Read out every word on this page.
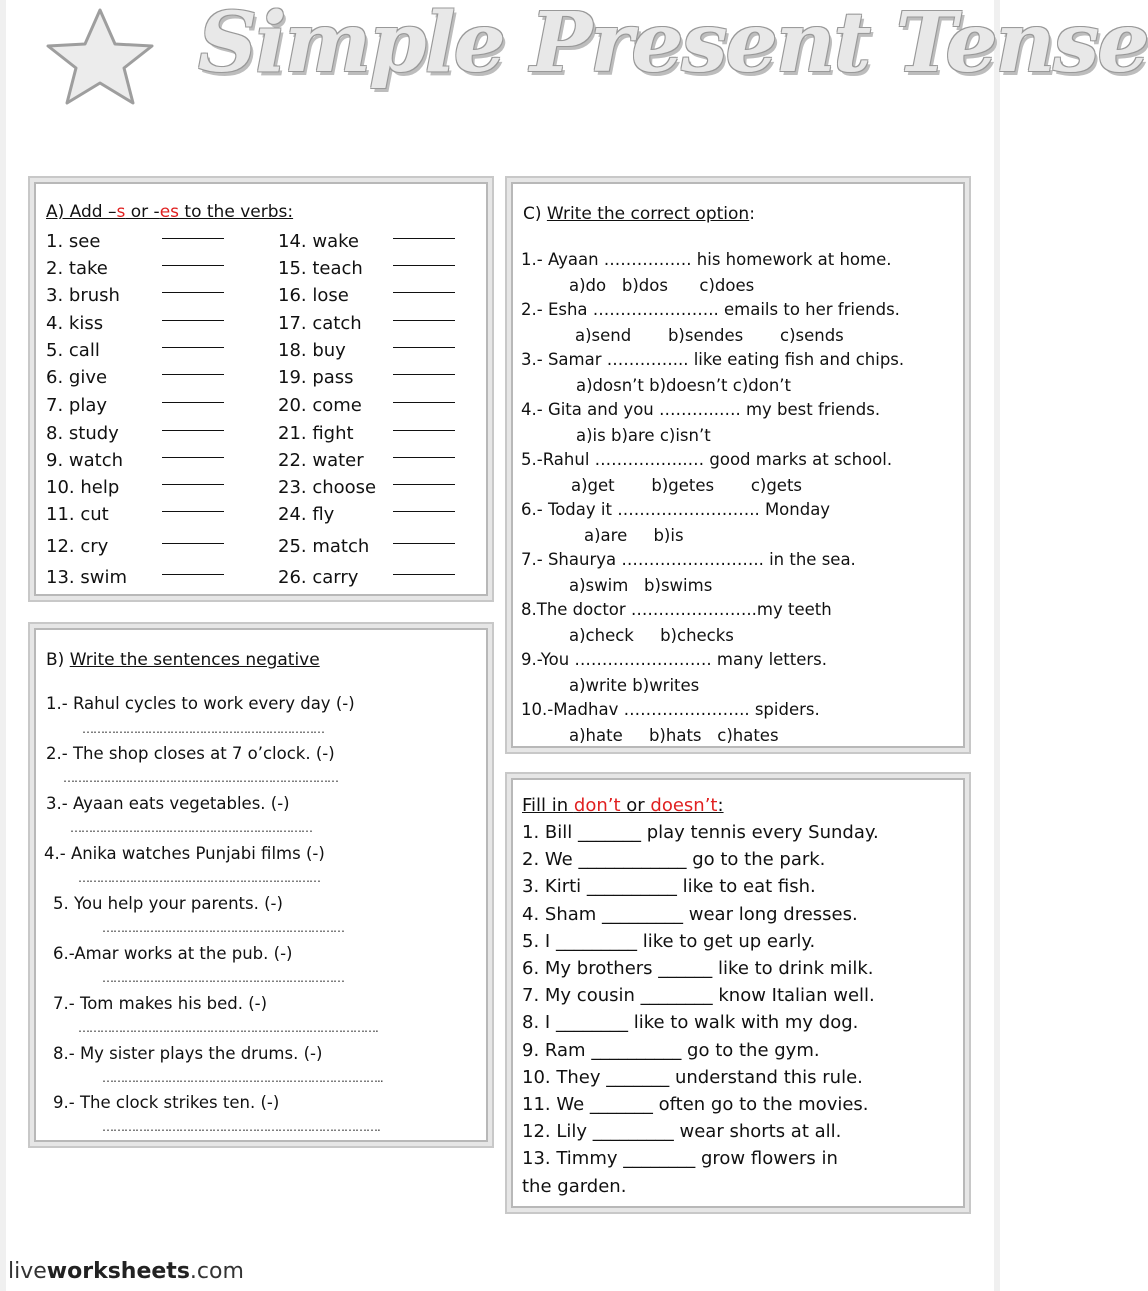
Simple Present Tense
A) Add –s or -es to the verbs:
1. see
2. take
3. brush
4. kiss
5. call
6. give
7. play
8. study
9. watch
10. help
11. cut
12. cry
13. swim
14. wake
15. teach
16. lose
17. catch
18. buy
19. pass
20. come
21. fight
22. water
23. choose
24. fly
25. match
26. carry
B) Write the sentences negative
1.- Rahul cycles to work every day (-)
…………………………………………………………
2.- The shop closes at 7 o’clock. (-)
…………………………………………………………………
3.- Ayaan eats vegetables. (-)
…………………………………………………………
4.- Anika watches Punjabi films (-)
…………………………………………………………
5. You help your parents. (-)
…………………………………………………………
6.-Amar works at the pub. (-)
…………………………………………………………
7.- Tom makes his bed. (-)
……………………………………………………………………….
8.- My sister plays the drums. (-)
…………………………………………………………………..
9.- The clock strikes ten. (-)
………………………………………………………………….
C) Write the correct option:
1.- Ayaan ……………. his homework at home.
a)do   b)dos      c)does
2.- Esha ………………….. emails to her friends.
a)send       b)sendes       c)sends
3.- Samar …………... like eating fish and chips.
a)dosn’t b)doesn’t c)don’t
4.- Gita and you ………..…. my best friends.
a)is b)are c)isn’t
5.-Rahul ……………..… good marks at school.
a)get       b)getes       c)gets
6.- Today it …………………….. Monday
a)are     b)is
7.- Shaurya …………………….. in the sea.
a)swim   b)swims
8.The doctor …………………..my teeth
a)check     b)checks
9.-You ……………………. many letters.
a)write b)writes
10.-Madhav ………………….. spiders.
a)hate     b)hats   c)hates
Fill in don’t or doesn’t:
1. Bill _______ play tennis every Sunday.
2. We ____________ go to the park.
3. Kirti __________ like to eat fish.
4. Sham _________ wear long dresses.
5. I _________ like to get up early.
6. My brothers ______ like to drink milk.
7. My cousin ________ know Italian well.
8. I ________ like to walk with my dog.
9. Ram __________ go to the gym.
10. They _______ understand this rule.
11. We _______ often go to the movies.
12. Lily _________ wear shorts at all.
13. Timmy ________ grow flowers in
the garden.
liveworksheets.com
